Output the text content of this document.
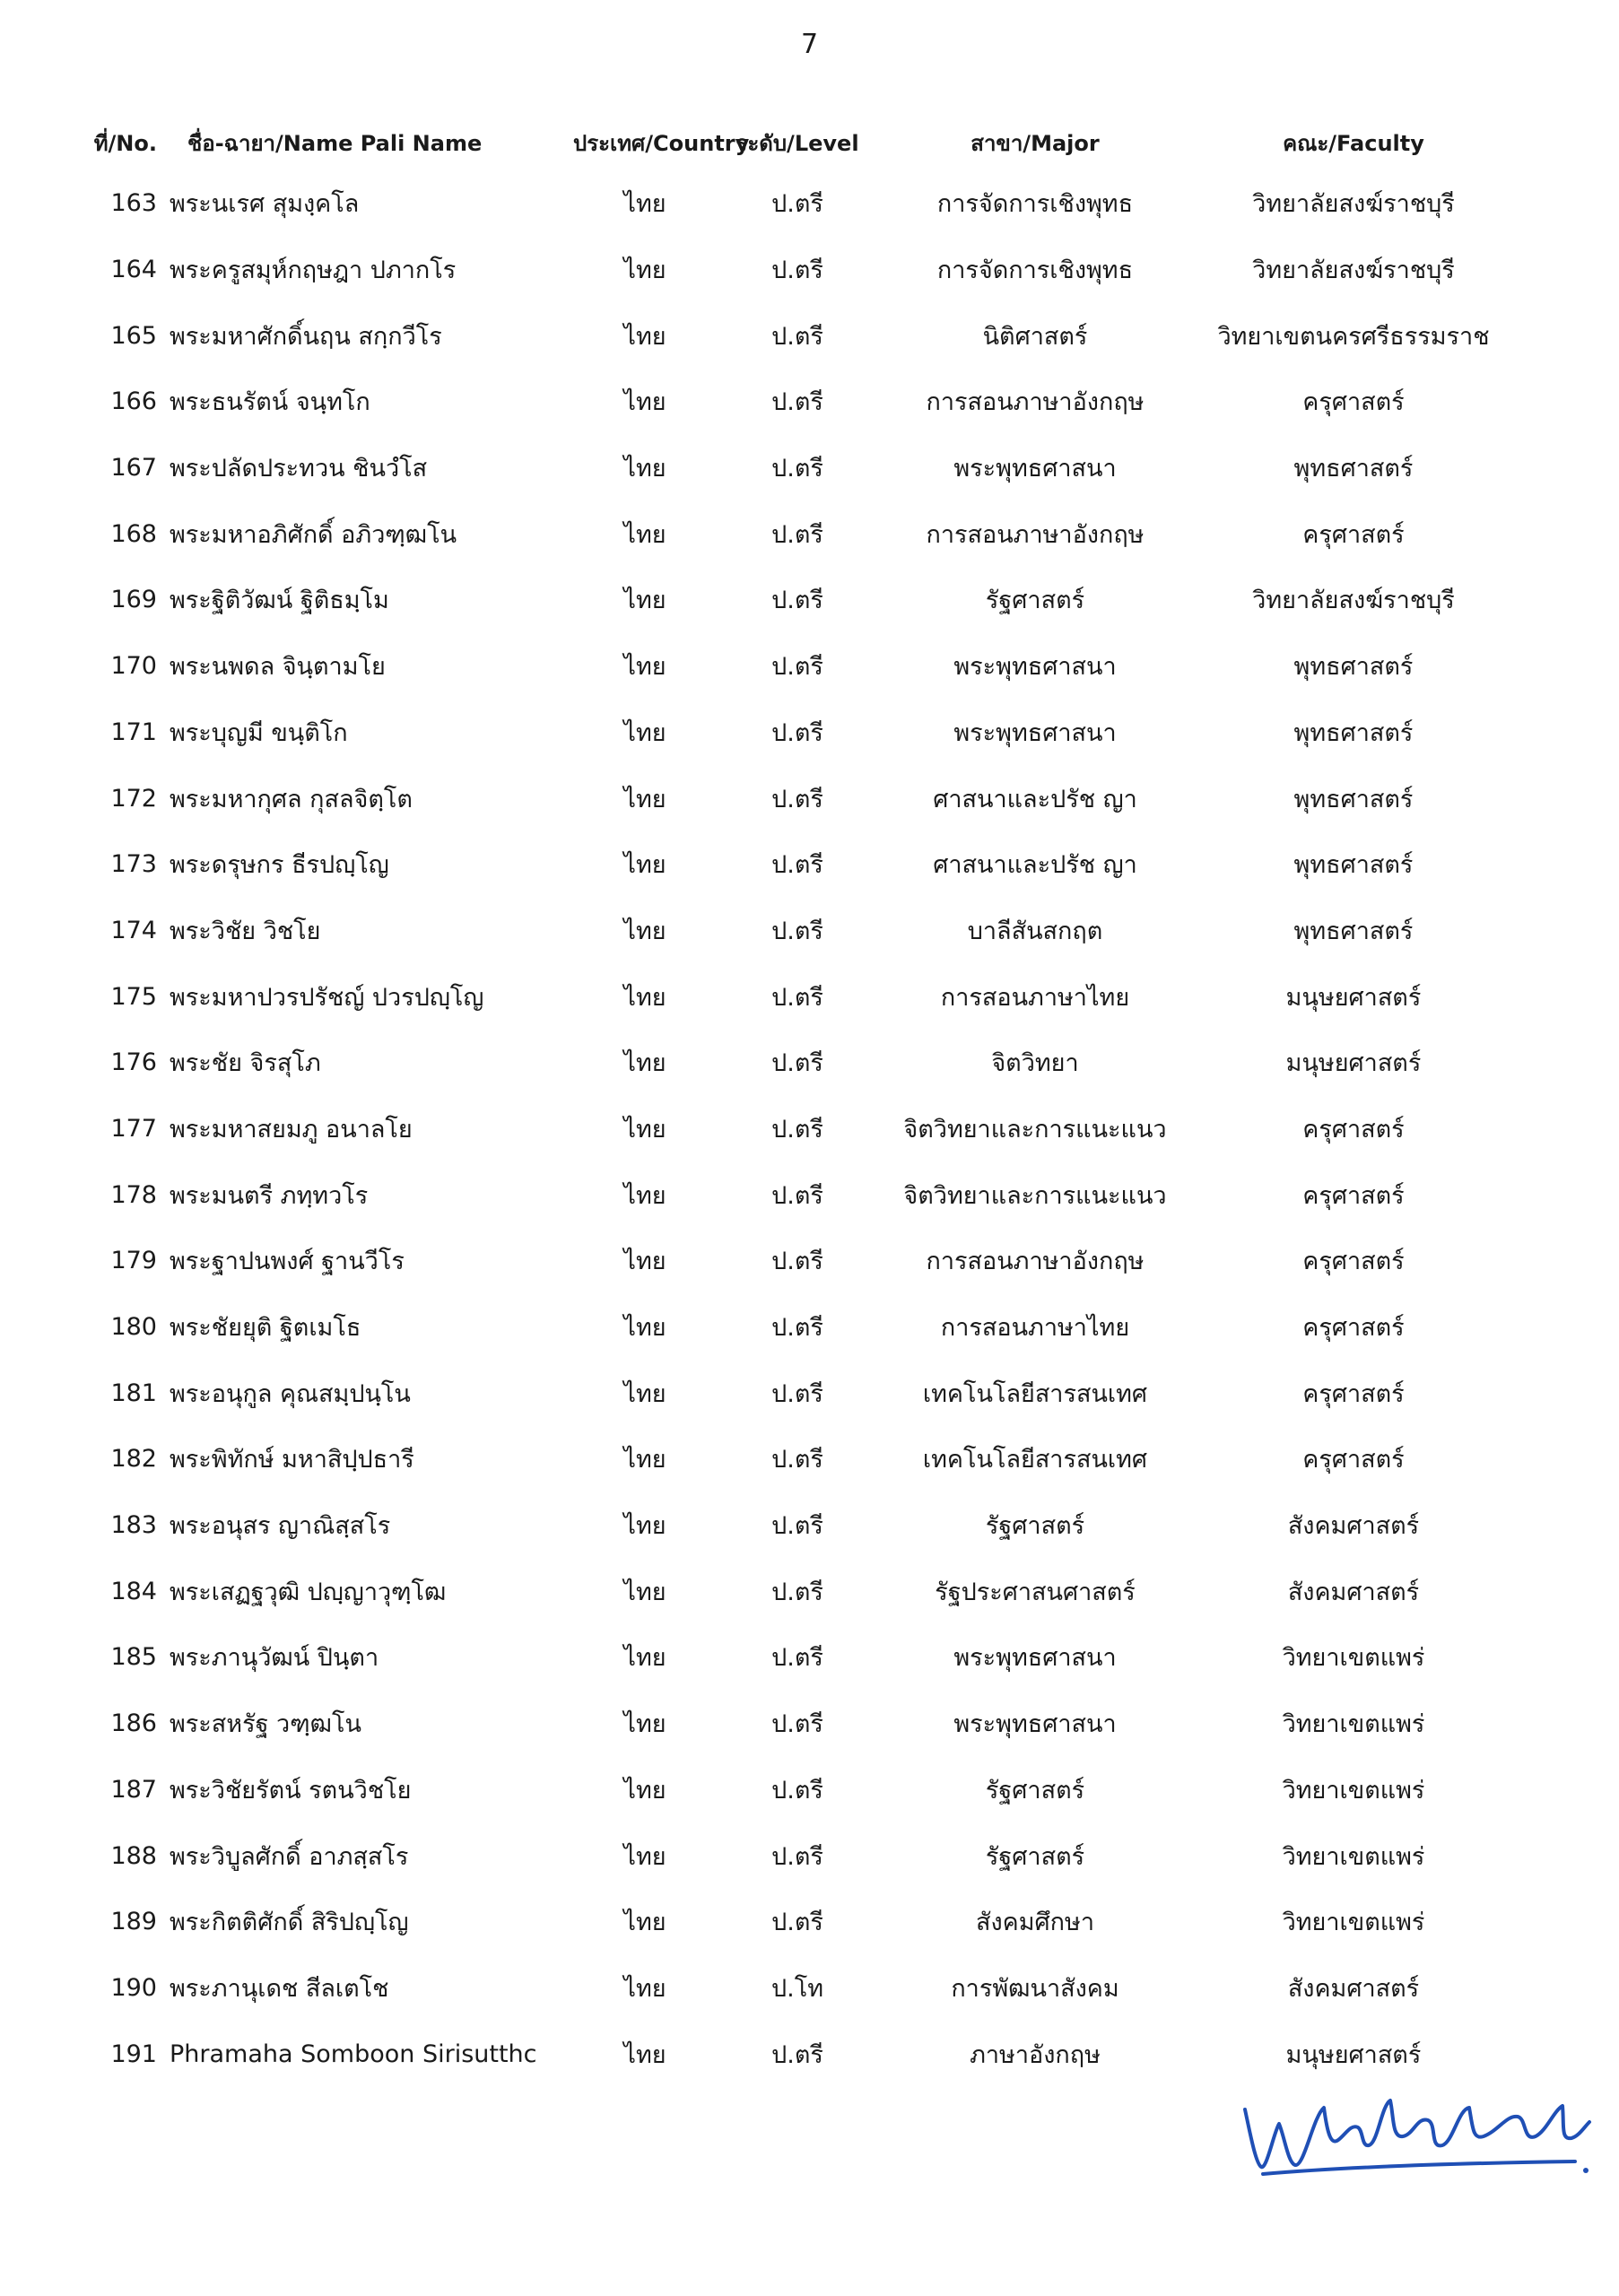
7
ที่/No.	ชื่อ-ฉายา/Name Pali Name	ประเทศ/Country	ระดับ/Level	สาขา/Major	คณะ/Faculty
163	พระนเรศ สุมงฺคโล	ไทย	ป.ตรี	การจัดการเชิงพุทธ	วิทยาลัยสงฆ์ราชบุรี
164	พระครูสมุห์กฤษฎา ปภากโร	ไทย	ป.ตรี	การจัดการเชิงพุทธ	วิทยาลัยสงฆ์ราชบุรี
165	พระมหาศักดิ์นฤน สกฺกวีโร	ไทย	ป.ตรี	นิติศาสตร์	วิทยาเขตนครศรีธรรมราช
166	พระธนรัตน์ จนฺทโก	ไทย	ป.ตรี	การสอนภาษาอังกฤษ	ครุศาสตร์
167	พระปลัดประทวน ชินวํโส	ไทย	ป.ตรี	พระพุทธศาสนา	พุทธศาสตร์
168	พระมหาอภิศักดิ์ อภิวฑฺฒโน	ไทย	ป.ตรี	การสอนภาษาอังกฤษ	ครุศาสตร์
169	พระฐิติวัฒน์ ฐิติธมฺโม	ไทย	ป.ตรี	รัฐศาสตร์	วิทยาลัยสงฆ์ราชบุรี
170	พระนพดล จินฺตามโย	ไทย	ป.ตรี	พระพุทธศาสนา	พุทธศาสตร์
171	พระบุญมี ขนฺติโก	ไทย	ป.ตรี	พระพุทธศาสนา	พุทธศาสตร์
172	พระมหากุศล กุสลจิตฺโต	ไทย	ป.ตรี	ศาสนาและปรัช ญา	พุทธศาสตร์
173	พระดรุษกร ธีรปญฺโญ	ไทย	ป.ตรี	ศาสนาและปรัช ญา	พุทธศาสตร์
174	พระวิชัย วิชโย	ไทย	ป.ตรี	บาลีสันสกฤต	พุทธศาสตร์
175	พระมหาปวรปรัชญ์ ปวรปญฺโญ	ไทย	ป.ตรี	การสอนภาษาไทย	มนุษยศาสตร์
176	พระชัย จิรสุโภ	ไทย	ป.ตรี	จิตวิทยา	มนุษยศาสตร์
177	พระมหาสยมภู อนาลโย	ไทย	ป.ตรี	จิตวิทยาและการแนะแนว	ครุศาสตร์
178	พระมนตรี ภทฺทวโร	ไทย	ป.ตรี	จิตวิทยาและการแนะแนว	ครุศาสตร์
179	พระฐาปนพงศ์ ฐานวีโร	ไทย	ป.ตรี	การสอนภาษาอังกฤษ	ครุศาสตร์
180	พระชัยยุติ ฐิตเมโธ	ไทย	ป.ตรี	การสอนภาษาไทย	ครุศาสตร์
181	พระอนุกูล คุณสมฺปนฺโน	ไทย	ป.ตรี	เทคโนโลยีสารสนเทศ	ครุศาสตร์
182	พระพิทักษ์ มหาสิปฺปธารี	ไทย	ป.ตรี	เทคโนโลยีสารสนเทศ	ครุศาสตร์
183	พระอนุสร ญาณิสฺสโร	ไทย	ป.ตรี	รัฐศาสตร์	สังคมศาสตร์
184	พระเสฏฐวุฒิ ปญฺญาวุฑฺโฒ	ไทย	ป.ตรี	รัฐประศาสนศาสตร์	สังคมศาสตร์
185	พระภานุวัฒน์ ปินฺตา	ไทย	ป.ตรี	พระพุทธศาสนา	วิทยาเขตแพร่
186	พระสหรัฐ วฑฺฒโน	ไทย	ป.ตรี	พระพุทธศาสนา	วิทยาเขตแพร่
187	พระวิชัยรัตน์ รตนวิชโย	ไทย	ป.ตรี	รัฐศาสตร์	วิทยาเขตแพร่
188	พระวิบูลศักดิ์ อาภสฺสโร	ไทย	ป.ตรี	รัฐศาสตร์	วิทยาเขตแพร่
189	พระกิตติศักดิ์ สิริปญฺโญ	ไทย	ป.ตรี	สังคมศึกษา	วิทยาเขตแพร่
190	พระภานุเดช สีลเตโช	ไทย	ป.โท	การพัฒนาสังคม	สังคมศาสตร์
191	Phramaha Somboon Sirisutthc	ไทย	ป.ตรี	ภาษาอังกฤษ	มนุษยศาสตร์
